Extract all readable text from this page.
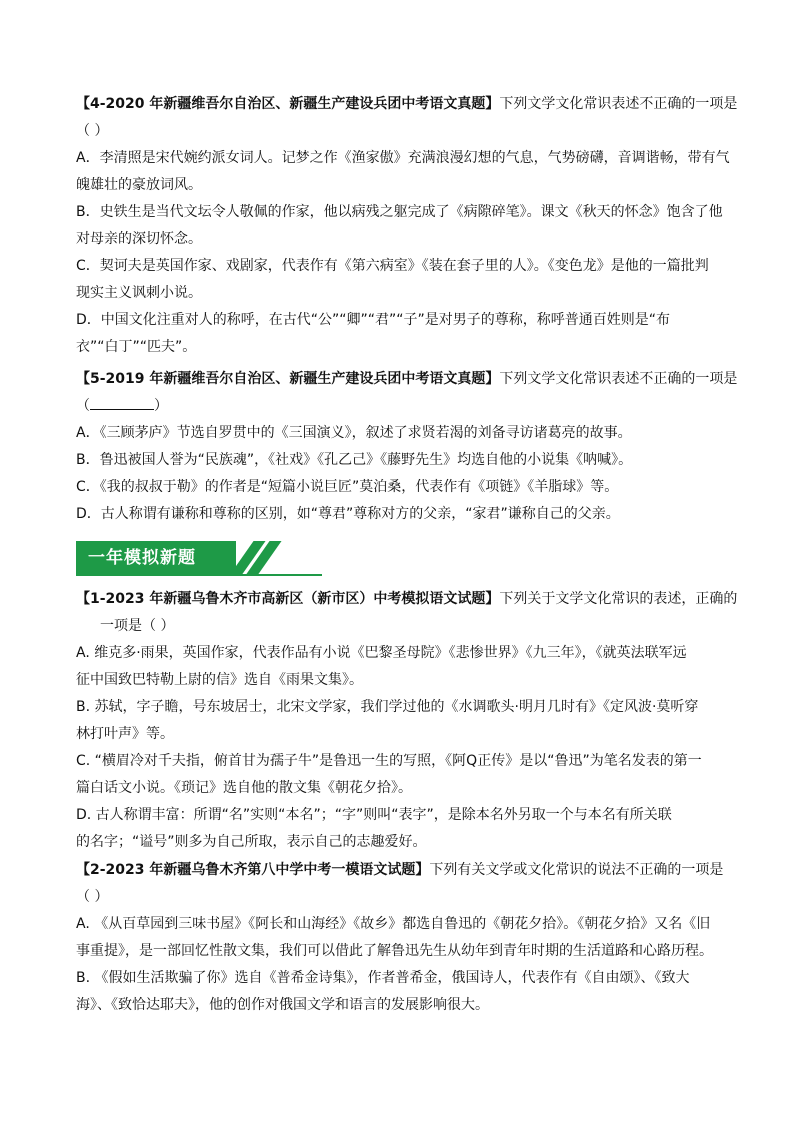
【4-2020 年新疆维吾尔自治区、新疆生产建设兵团中考语文真题】下列文学文化常识表述不正确的一项是
（ ）
A．李清照是宋代婉约派女词人。记梦之作《渔家傲》充满浪漫幻想的气息，气势磅礴，音调谐畅，带有气
魄雄壮的豪放词风。
B．史铁生是当代文坛令人敬佩的作家，他以病残之躯完成了《病隙碎笔》。课文《秋天的怀念》饱含了他
对母亲的深切怀念。
C．契诃夫是英国作家、戏剧家，代表作有《第六病室》《装在套子里的人》。《变色龙》是他的一篇批判
现实主义讽刺小说。
D．中国文化注重对人的称呼，在古代“公”“卿”“君”“子”是对男子的尊称，称呼普通百姓则是“布
衣”“白丁”“匹夫”。
【5-2019 年新疆维吾尔自治区、新疆生产建设兵团中考语文真题】下列文学文化常识表述不正确的一项是
（	）
A．《三顾茅庐》节选自罗贯中的《三国演义》，叙述了求贤若渴的刘备寻访诸葛亮的故事。
B．鲁迅被国人誉为“民族魂”，《社戏》《孔乙己》《藤野先生》均选自他的小说集《呐喊》。
C．《我的叔叔于勒》的作者是“短篇小说巨匠”莫泊桑，代表作有《项链》《羊脂球》等。
D．古人称谓有谦称和尊称的区别，如“尊君”尊称对方的父亲，“家君”谦称自己的父亲。
一年模拟新题
【1-2023 年新疆乌鲁木齐市高新区（新市区）中考模拟语文试题】下列关于文学文化常识的表述，正确的
一项是（ ）
A. 维克多·雨果，英国作家，代表作品有小说《巴黎圣母院》《悲惨世界》《九三年》，《就英法联军远
征中国致巴特勒上尉的信》选自《雨果文集》。
B. 苏轼，字子瞻，号东坡居士，北宋文学家，我们学过他的《水调歌头·明月几时有》《定风波·莫听穿
林打叶声》等。
C. “横眉冷对千夫指，俯首甘为孺子牛”是鲁迅一生的写照，《阿Q正传》是以“鲁迅”为笔名发表的第一
篇白话文小说。《琐记》选自他的散文集《朝花夕拾》。
D. 古人称谓丰富：所谓“名”实则“本名”；“字”则叫“表字”，是除本名外另取一个与本名有所关联
的名字；“谥号”则多为自己所取，表示自己的志趣爱好。
【2-2023 年新疆乌鲁木齐第八中学中考一模语文试题】下列有关文学或文化常识的说法不正确的一项是
（ ）
A. 《从百草园到三味书屋》《阿长和山海经》《故乡》都选自鲁迅的《朝花夕拾》。《朝花夕拾》又名《旧
事重提》，是一部回忆性散文集，我们可以借此了解鲁迅先生从幼年到青年时期的生活道路和心路历程。
B. 《假如生活欺骗了你》选自《普希金诗集》，作者普希金，俄国诗人，代表作有《自由颂》、《致大
海》、《致恰达耶夫》，他的创作对俄国文学和语言的发展影响很大。
